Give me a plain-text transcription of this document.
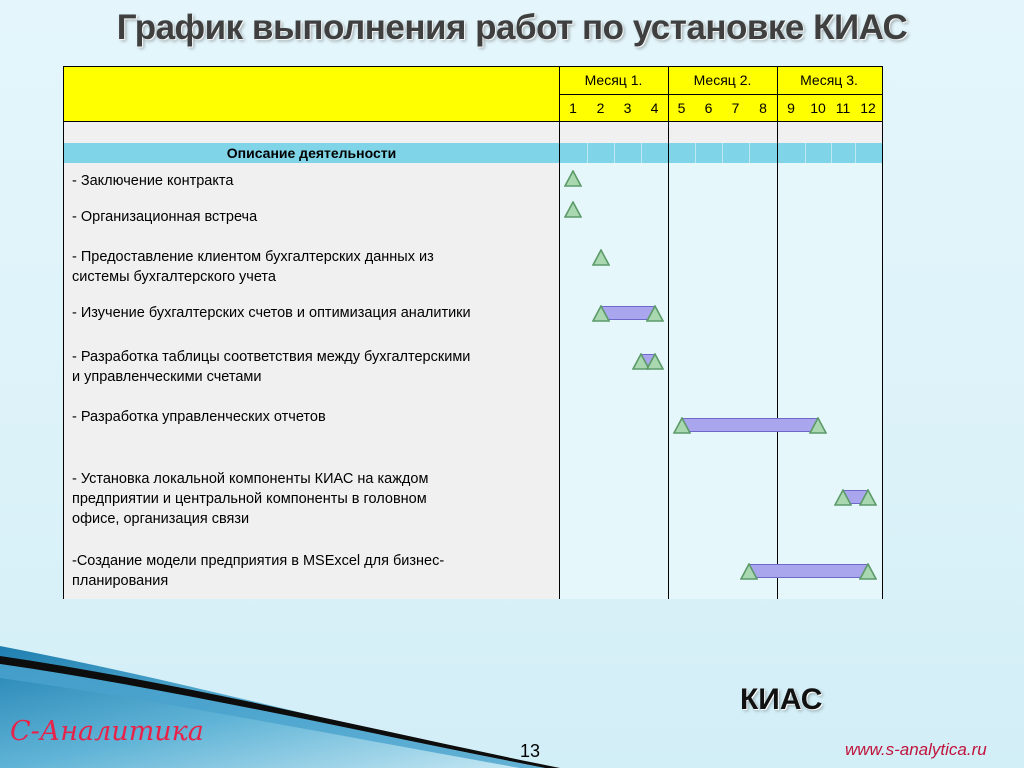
График выполнения работ по установке КИАС
Описание деятельности
Месяц 1.	Месяц 2.	Месяц 3.
1	2	3	4	5	6	7	8	9	10 11 12
- Заключение контракта
- Организационная встреча
- Предоставление клиентом бухгалтерских данных из
системы бухгалтерского учета
- Изучение бухгалтерских счетов и оптимизация аналитики
- Разработка таблицы соответствия между бухгалтерскими
и управленческими счетами
- Разработка управленческих отчетов
- Установка локальной компоненты КИАС на каждом
предприятии и центральной компоненты в головном
офисе, организация связи
-Создание модели предприятия в MSExcel для бизнес-
планирования
С-Аналитика
КИАС
13	www.s-analytica.ru
